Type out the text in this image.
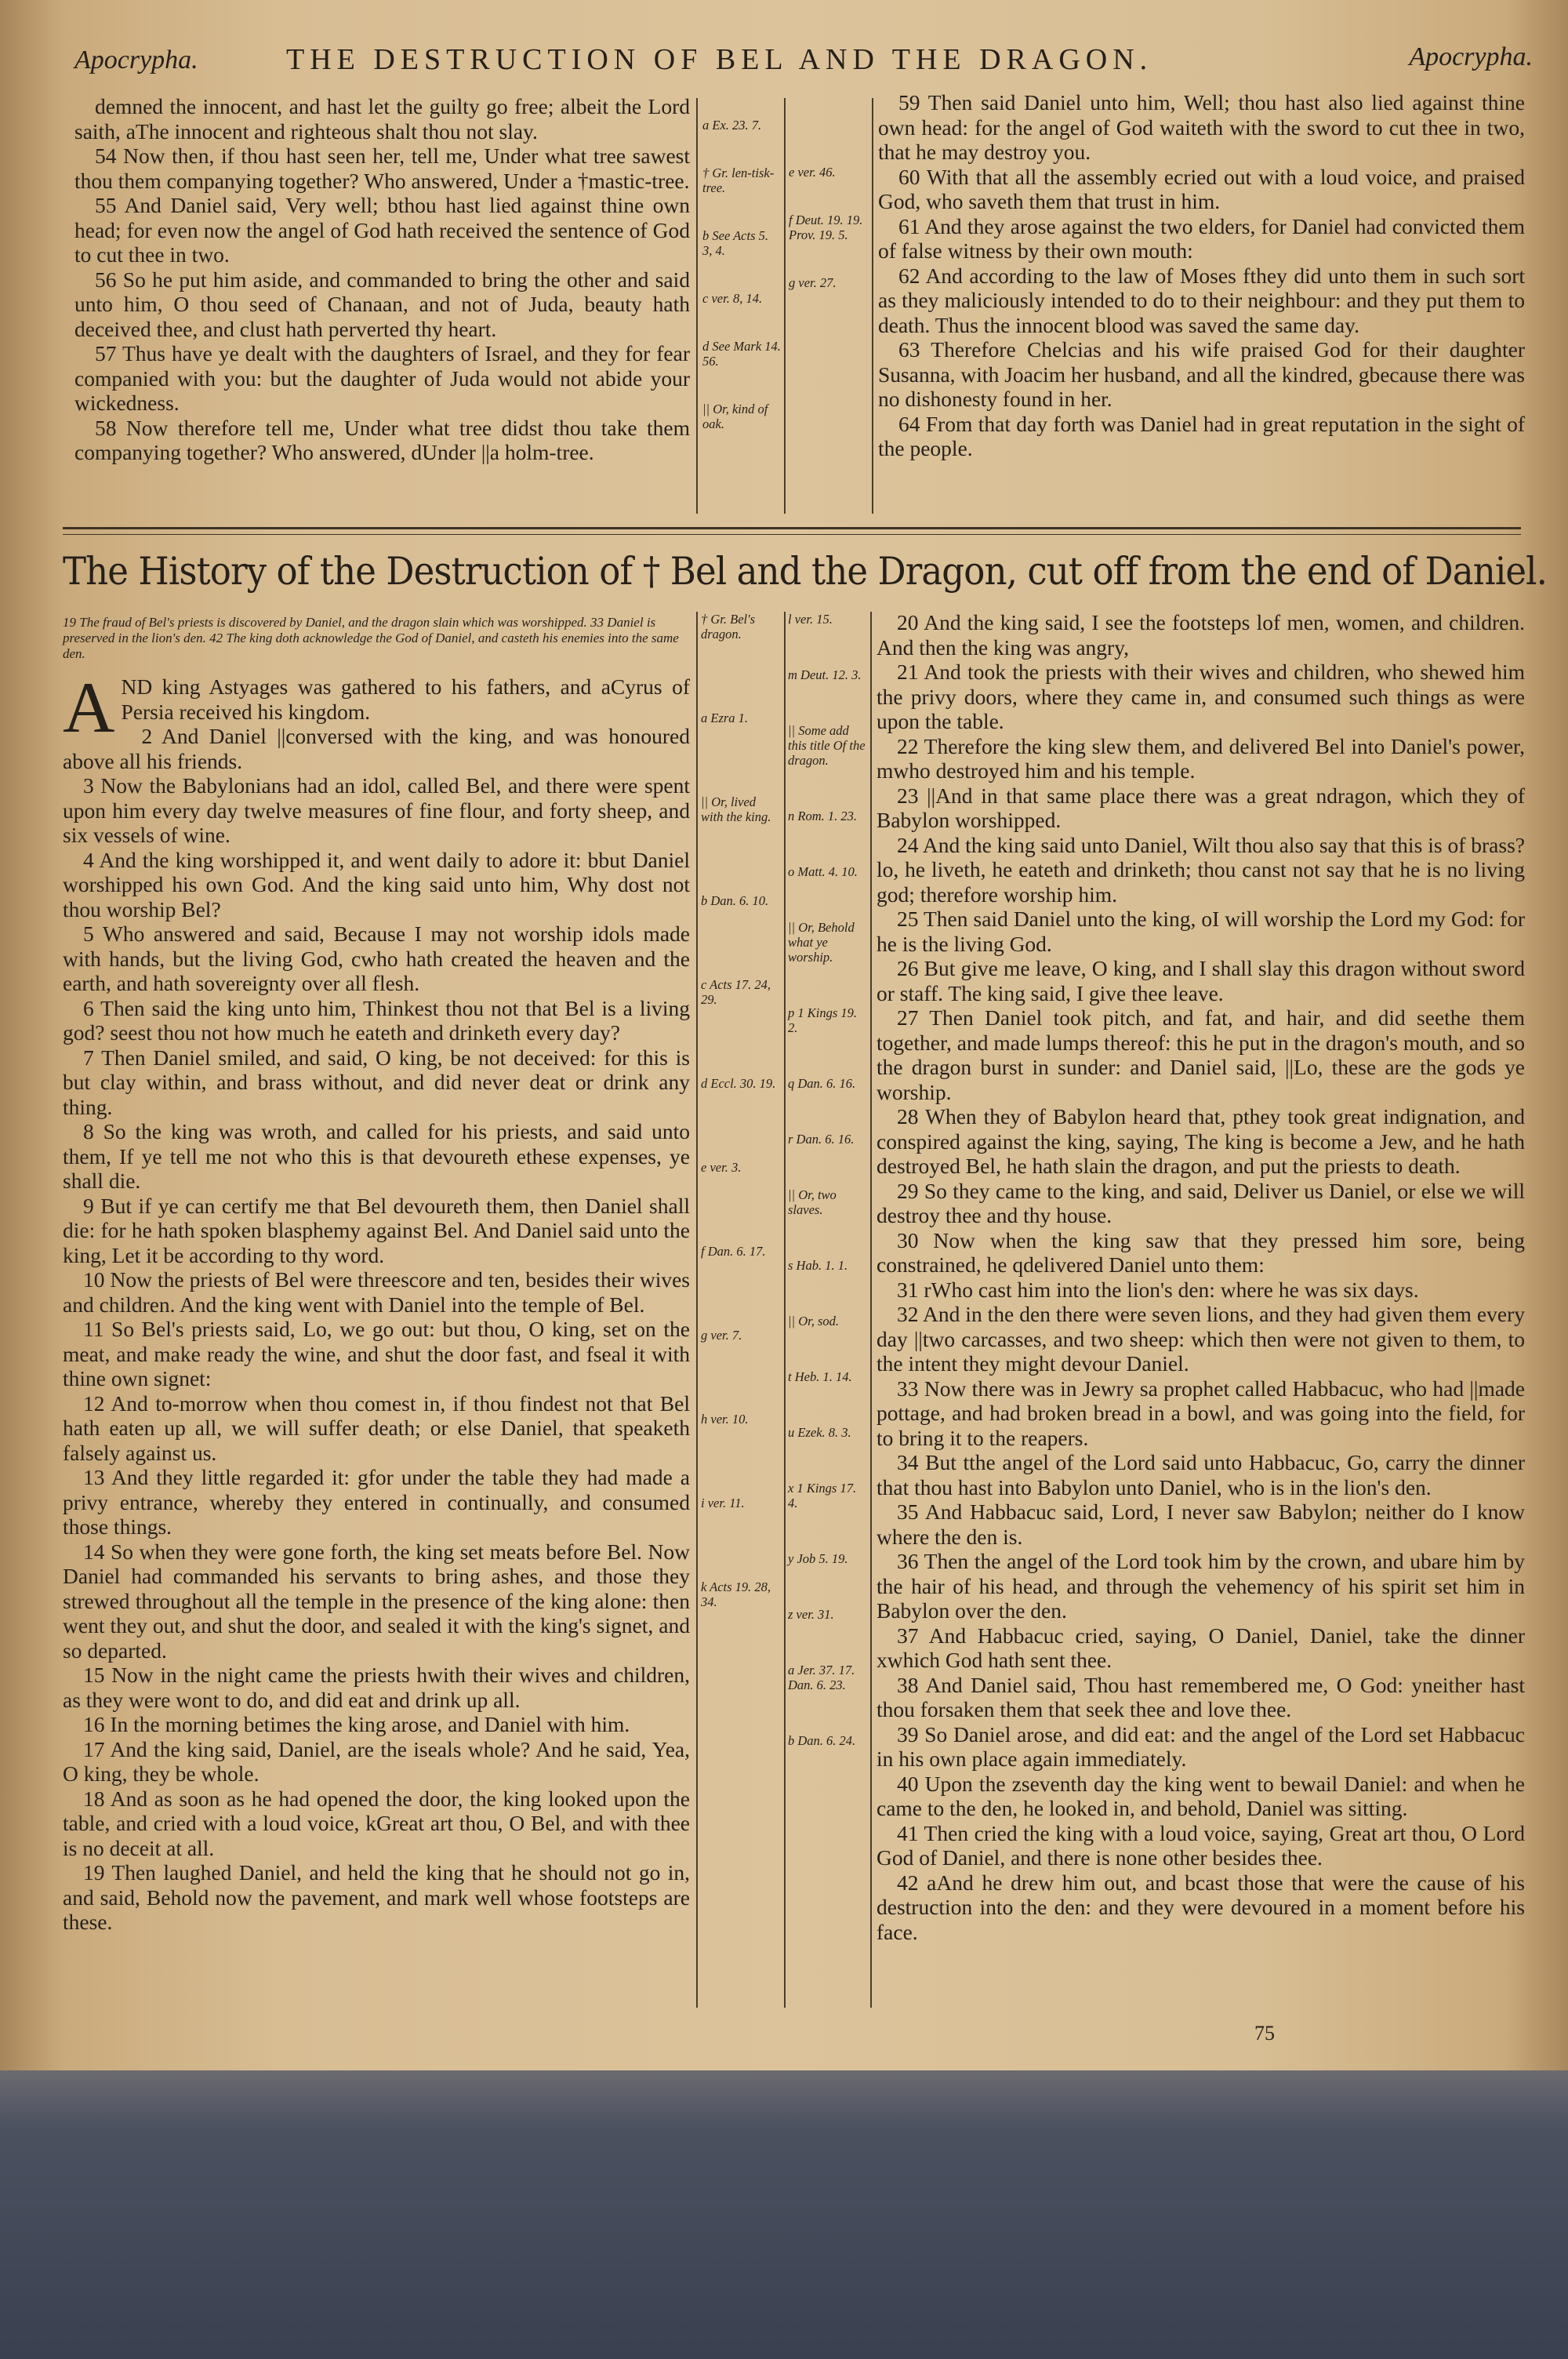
Apocrypha.	THE DESTRUCTION OF BEL AND THE DRAGON.	Apocrypha.

demned the innocent, and hast let the guilty go free; albeit the Lord saith, aThe innocent and righteous shalt thou not slay.

54 Now then, if thou hast seen her, tell me, Under what tree sawest thou them companying together? Who answered, Under a †mastic-tree.

55 And Daniel said, Very well; bthou hast lied against thine own head; for even now the angel of God hath received the sentence of God to cut thee in two.

56 So he put him aside, and commanded to bring the other and said unto him, O thou seed of Chanaan, and not of Juda, beauty hath deceived thee, and clust hath perverted thy heart.

57 Thus have ye dealt with the daughters of Israel, and they for fear companied with you: but the daughter of Juda would not abide your wickedness.

58 Now therefore tell me, Under what tree didst thou take them companying together? Who answered, dUnder ||a holm-tree.

a Ex. 23. 7.
† Gr. len-tisk-tree.
b See Acts 5. 3, 4.
c ver. 8, 14.
d See Mark 14. 56.
|| Or, kind of oak.
e ver. 46.
f Deut. 19. 19. Prov. 19. 5.
g ver. 27.

59 Then said Daniel unto him, Well; thou hast also lied against thine own head: for the angel of God waiteth with the sword to cut thee in two, that he may destroy you.

60 With that all the assembly ecried out with a loud voice, and praised God, who saveth them that trust in him.

61 And they arose against the two elders, for Daniel had convicted them of false witness by their own mouth:

62 And according to the law of Moses fthey did unto them in such sort as they maliciously intended to do to their neighbour: and they put them to death. Thus the innocent blood was saved the same day.

63 Therefore Chelcias and his wife praised God for their daughter Susanna, with Joacim her husband, and all the kindred, gbecause there was no dishonesty found in her.

64 From that day forth was Daniel had in great reputation in the sight of the people.

The History of the Destruction of † Bel and the Dragon, cut off from the end of Daniel.
19 The fraud of Bel's priests is discovered by Daniel, and the dragon slain which was worshipped. 33 Daniel is preserved in the lion's den. 42 The king doth acknowledge the God of Daniel, and casteth his enemies into the same den.

AND king Astyages was gathered to his fathers, and aCyrus of Persia received his kingdom.

2 And Daniel ||conversed with the king, and was honoured above all his friends.

3 Now the Babylonians had an idol, called Bel, and there were spent upon him every day twelve measures of fine flour, and forty sheep, and six vessels of wine.

4 And the king worshipped it, and went daily to adore it: bbut Daniel worshipped his own God. And the king said unto him, Why dost not thou worship Bel?

5 Who answered and said, Because I may not worship idols made with hands, but the living God, cwho hath created the heaven and the earth, and hath sovereignty over all flesh.

6 Then said the king unto him, Thinkest thou not that Bel is a living god? seest thou not how much he eateth and drinketh every day?

7 Then Daniel smiled, and said, O king, be not deceived: for this is but clay within, and brass without, and did never deat or drink any thing.

8 So the king was wroth, and called for his priests, and said unto them, If ye tell me not who this is that devoureth ethese expenses, ye shall die.

9 But if ye can certify me that Bel devoureth them, then Daniel shall die: for he hath spoken blasphemy against Bel. And Daniel said unto the king, Let it be according to thy word.

10 Now the priests of Bel were threescore and ten, besides their wives and children. And the king went with Daniel into the temple of Bel.

11 So Bel's priests said, Lo, we go out: but thou, O king, set on the meat, and make ready the wine, and shut the door fast, and fseal it with thine own signet:

12 And to-morrow when thou comest in, if thou findest not that Bel hath eaten up all, we will suffer death; or else Daniel, that speaketh falsely against us.

13 And they little regarded it: gfor under the table they had made a privy entrance, whereby they entered in continually, and consumed those things.

14 So when they were gone forth, the king set meats before Bel. Now Daniel had commanded his servants to bring ashes, and those they strewed throughout all the temple in the presence of the king alone: then went they out, and shut the door, and sealed it with the king's signet, and so departed.

15 Now in the night came the priests hwith their wives and children, as they were wont to do, and did eat and drink up all.

16 In the morning betimes the king arose, and Daniel with him.

17 And the king said, Daniel, are the iseals whole? And he said, Yea, O king, they be whole.

18 And as soon as he had opened the door, the king looked upon the table, and cried with a loud voice, kGreat art thou, O Bel, and with thee is no deceit at all.

19 Then laughed Daniel, and held the king that he should not go in, and said, Behold now the pavement, and mark well whose footsteps are these.

† Gr. Bel's dragon.
a Ezra 1.
|| Or, lived with the king.
b Dan. 6. 10.
c Acts 17. 24, 29.
d Eccl. 30. 19.
e ver. 3.
f Dan. 6. 17.
g ver. 7.
h ver. 10.
i ver. 11.
k Acts 19. 28, 34.
l ver. 15.
m Deut. 12. 3.
|| Some add this title Of the dragon.
n Rom. 1. 23.
o Matt. 4. 10.
|| Or, Behold what ye worship.
p 1 Kings 19. 2.
q Dan. 6. 16.
r Dan. 6. 16.
|| Or, two slaves.
s Hab. 1. 1.
|| Or, sod.
t Heb. 1. 14.
u Ezek. 8. 3.
x 1 Kings 17. 4.
y Job 5. 19.
z ver. 31.
a Jer. 37. 17. Dan. 6. 23.
b Dan. 6. 24.

20 And the king said, I see the footsteps lof men, women, and children. And then the king was angry,

21 And took the priests with their wives and children, who shewed him the privy doors, where they came in, and consumed such things as were upon the table.

22 Therefore the king slew them, and delivered Bel into Daniel's power, mwho destroyed him and his temple.

23 ||And in that same place there was a great ndragon, which they of Babylon worshipped.

24 And the king said unto Daniel, Wilt thou also say that this is of brass? lo, he liveth, he eateth and drinketh; thou canst not say that he is no living god; therefore worship him.

25 Then said Daniel unto the king, oI will worship the Lord my God: for he is the living God.

26 But give me leave, O king, and I shall slay this dragon without sword or staff. The king said, I give thee leave.

27 Then Daniel took pitch, and fat, and hair, and did seethe them together, and made lumps thereof: this he put in the dragon's mouth, and so the dragon burst in sunder: and Daniel said, ||Lo, these are the gods ye worship.

28 When they of Babylon heard that, pthey took great indignation, and conspired against the king, saying, The king is become a Jew, and he hath destroyed Bel, he hath slain the dragon, and put the priests to death.

29 So they came to the king, and said, Deliver us Daniel, or else we will destroy thee and thy house.

30 Now when the king saw that they pressed him sore, being constrained, he qdelivered Daniel unto them:

31 rWho cast him into the lion's den: where he was six days.

32 And in the den there were seven lions, and they had given them every day ||two carcasses, and two sheep: which then were not given to them, to the intent they might devour Daniel.

33 Now there was in Jewry sa prophet called Habbacuc, who had ||made pottage, and had broken bread in a bowl, and was going into the field, for to bring it to the reapers.

34 But tthe angel of the Lord said unto Habbacuc, Go, carry the dinner that thou hast into Babylon unto Daniel, who is in the lion's den.

35 And Habbacuc said, Lord, I never saw Babylon; neither do I know where the den is.

36 Then the angel of the Lord took him by the crown, and ubare him by the hair of his head, and through the vehemency of his spirit set him in Babylon over the den.

37 And Habbacuc cried, saying, O Daniel, Daniel, take the dinner xwhich God hath sent thee.

38 And Daniel said, Thou hast remembered me, O God: yneither hast thou forsaken them that seek thee and love thee.

39 So Daniel arose, and did eat: and the angel of the Lord set Habbacuc in his own place again immediately.

40 Upon the zseventh day the king went to bewail Daniel: and when he came to the den, he looked in, and behold, Daniel was sitting.

41 Then cried the king with a loud voice, saying, Great art thou, O Lord God of Daniel, and there is none other besides thee.

42 aAnd he drew him out, and bcast those that were the cause of his destruction into the den: and they were devoured in a moment before his face.

75
